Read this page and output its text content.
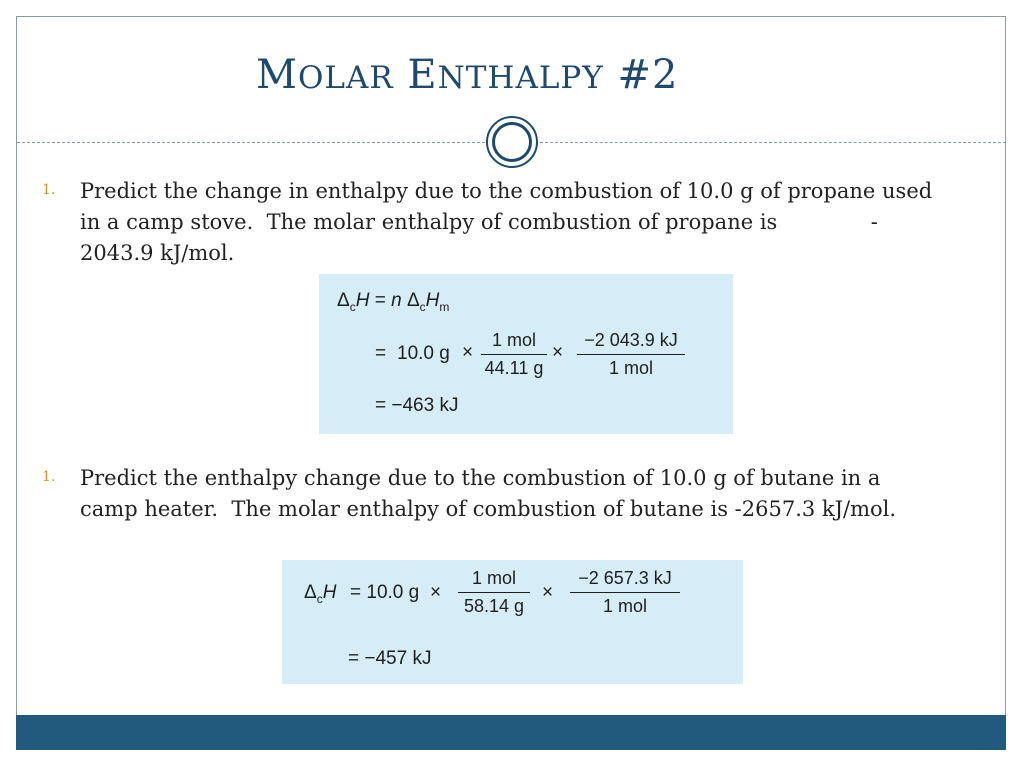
MOLAR ENTHALPY #2
1. Predict the change in enthalpy due to the combustion of 10.0 g of propane used
in a camp stove.  The molar enthalpy of combustion of propane is              -
2043.9 kJ/mol.
$\Delta_cH = n$ $\Delta_cH_m$
= 10.0 g ×
1 mol
44.11 g
×
−2 043.9 kJ
1 mol
= −463 kJ
1. Predict the enthalpy change due to the combustion of 10.0 g of butane in a
camp heater.  The molar enthalpy of combustion of butane is -2657.3 kJ/mol.
$\Delta_cH = 10.0$ g ×
1 mol
58.14 g
×
−2 657.3 kJ
1 mol
= −457 kJ
